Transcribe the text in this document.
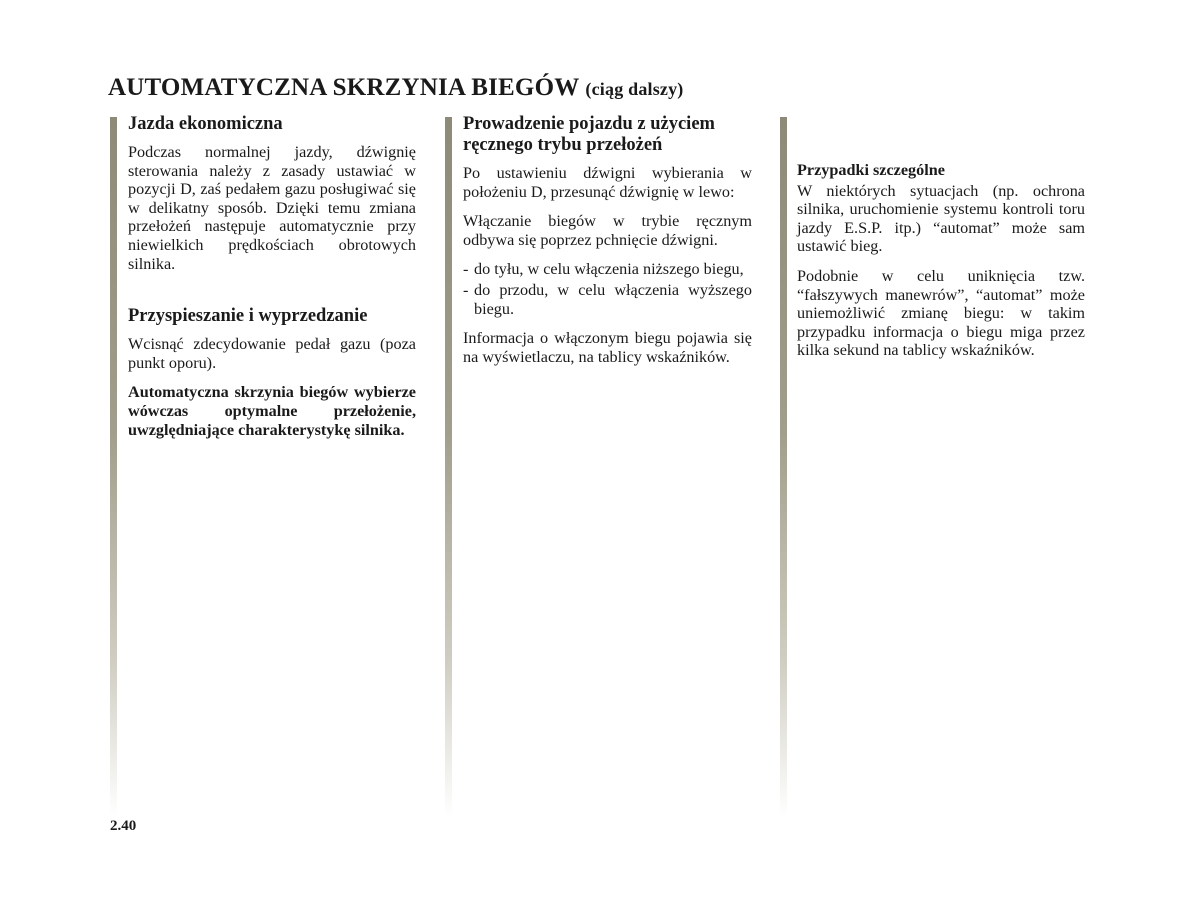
AUTOMATYCZNA SKRZYNIA BIEGÓW (ciąg dalszy)
Jazda ekonomiczna

Podczas normalnej jazdy, dźwignię sterowania należy z zasady ustawiać w pozycji D, zaś pedałem gazu posługiwać się w delikatny sposób. Dzięki temu zmiana przełożeń następuje automatycznie przy niewielkich prędkościach obrotowych silnika.

Przyspieszanie i wyprzedzanie

Wcisnąć zdecydowanie pedał gazu (poza punkt oporu).

Automatyczna skrzynia biegów wybierze wówczas optymalne przełożenie, uwzględniające charakterystykę silnika.

Prowadzenie pojazdu z użyciem ręcznego trybu przełożeń

Po ustawieniu dźwigni wybierania w położeniu D, przesunąć dźwignię w lewo:

Włączanie biegów w trybie ręcznym odbywa się poprzez pchnięcie dźwigni.

- do tyłu, w celu włączenia niższego biegu,
- do przodu, w celu włączenia wyższego biegu.

Informacja o włączonym biegu pojawia się na wyświetlaczu, na tablicy wskaźników.

Przypadki szczególne

W niektórych sytuacjach (np. ochrona silnika, uruchomienie systemu kontroli toru jazdy E.S.P. itp.) “automat” może sam ustawić bieg.

Podobnie w celu uniknięcia tzw. “fałszywych manewrów”, “automat” może uniemożliwić zmianę biegu: w takim przypadku informacja o biegu miga przez kilka sekund na tablicy wskaźników.

2.40
